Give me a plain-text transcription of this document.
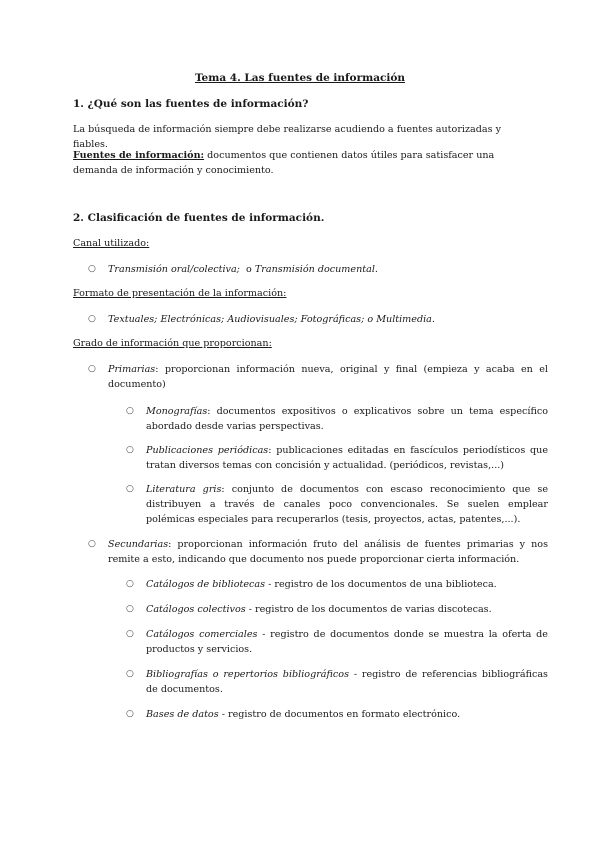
Tema 4. Las fuentes de información
1. ¿Qué son las fuentes de información?

La búsqueda de información siempre debe realizarse acudiendo a fuentes autorizadas y fiables.

Fuentes de información: documentos que contienen datos útiles para satisfacer una demanda de información y conocimiento.

2. Clasificación de fuentes de información.

Canal utilizado:

○ Transmisión oral/colectiva;  o Transmisión documental.

Formato de presentación de la información:

○ Textuales; Electrónicas; Audiovisuales; Fotográficas; o Multimedia.

Grado de información que proporcionan:

○ Primarias: proporcionan información nueva, original y final (empieza y acaba en el documento)
○ Monografías: documentos expositivos o explicativos sobre un tema específico abordado desde varias perspectivas.
○ Publicaciones periódicas: publicaciones editadas en fascículos periodísticos que tratan diversos temas con concisión y actualidad. (periódicos, revistas,...)
○ Literatura gris: conjunto de documentos con escaso reconocimiento que se distribuyen a través de canales poco convencionales. Se suelen emplear polémicas especiales para recuperarlos (tesis, proyectos, actas, patentes,...).
○ Secundarias: proporcionan información fruto del análisis de fuentes primarias y nos remite a esto, indicando que documento nos puede proporcionar cierta información.
○ Catálogos de bibliotecas - registro de los documentos de una biblioteca.
○ Catálogos colectivos - registro de los documentos de varias discotecas.
○ Catálogos comerciales - registro de documentos donde se muestra la oferta de productos y servicios.
○ Bibliografías o repertorios bibliográficos - registro de referencias bibliográficas de documentos.
○ Bases de datos - registro de documentos en formato electrónico.
